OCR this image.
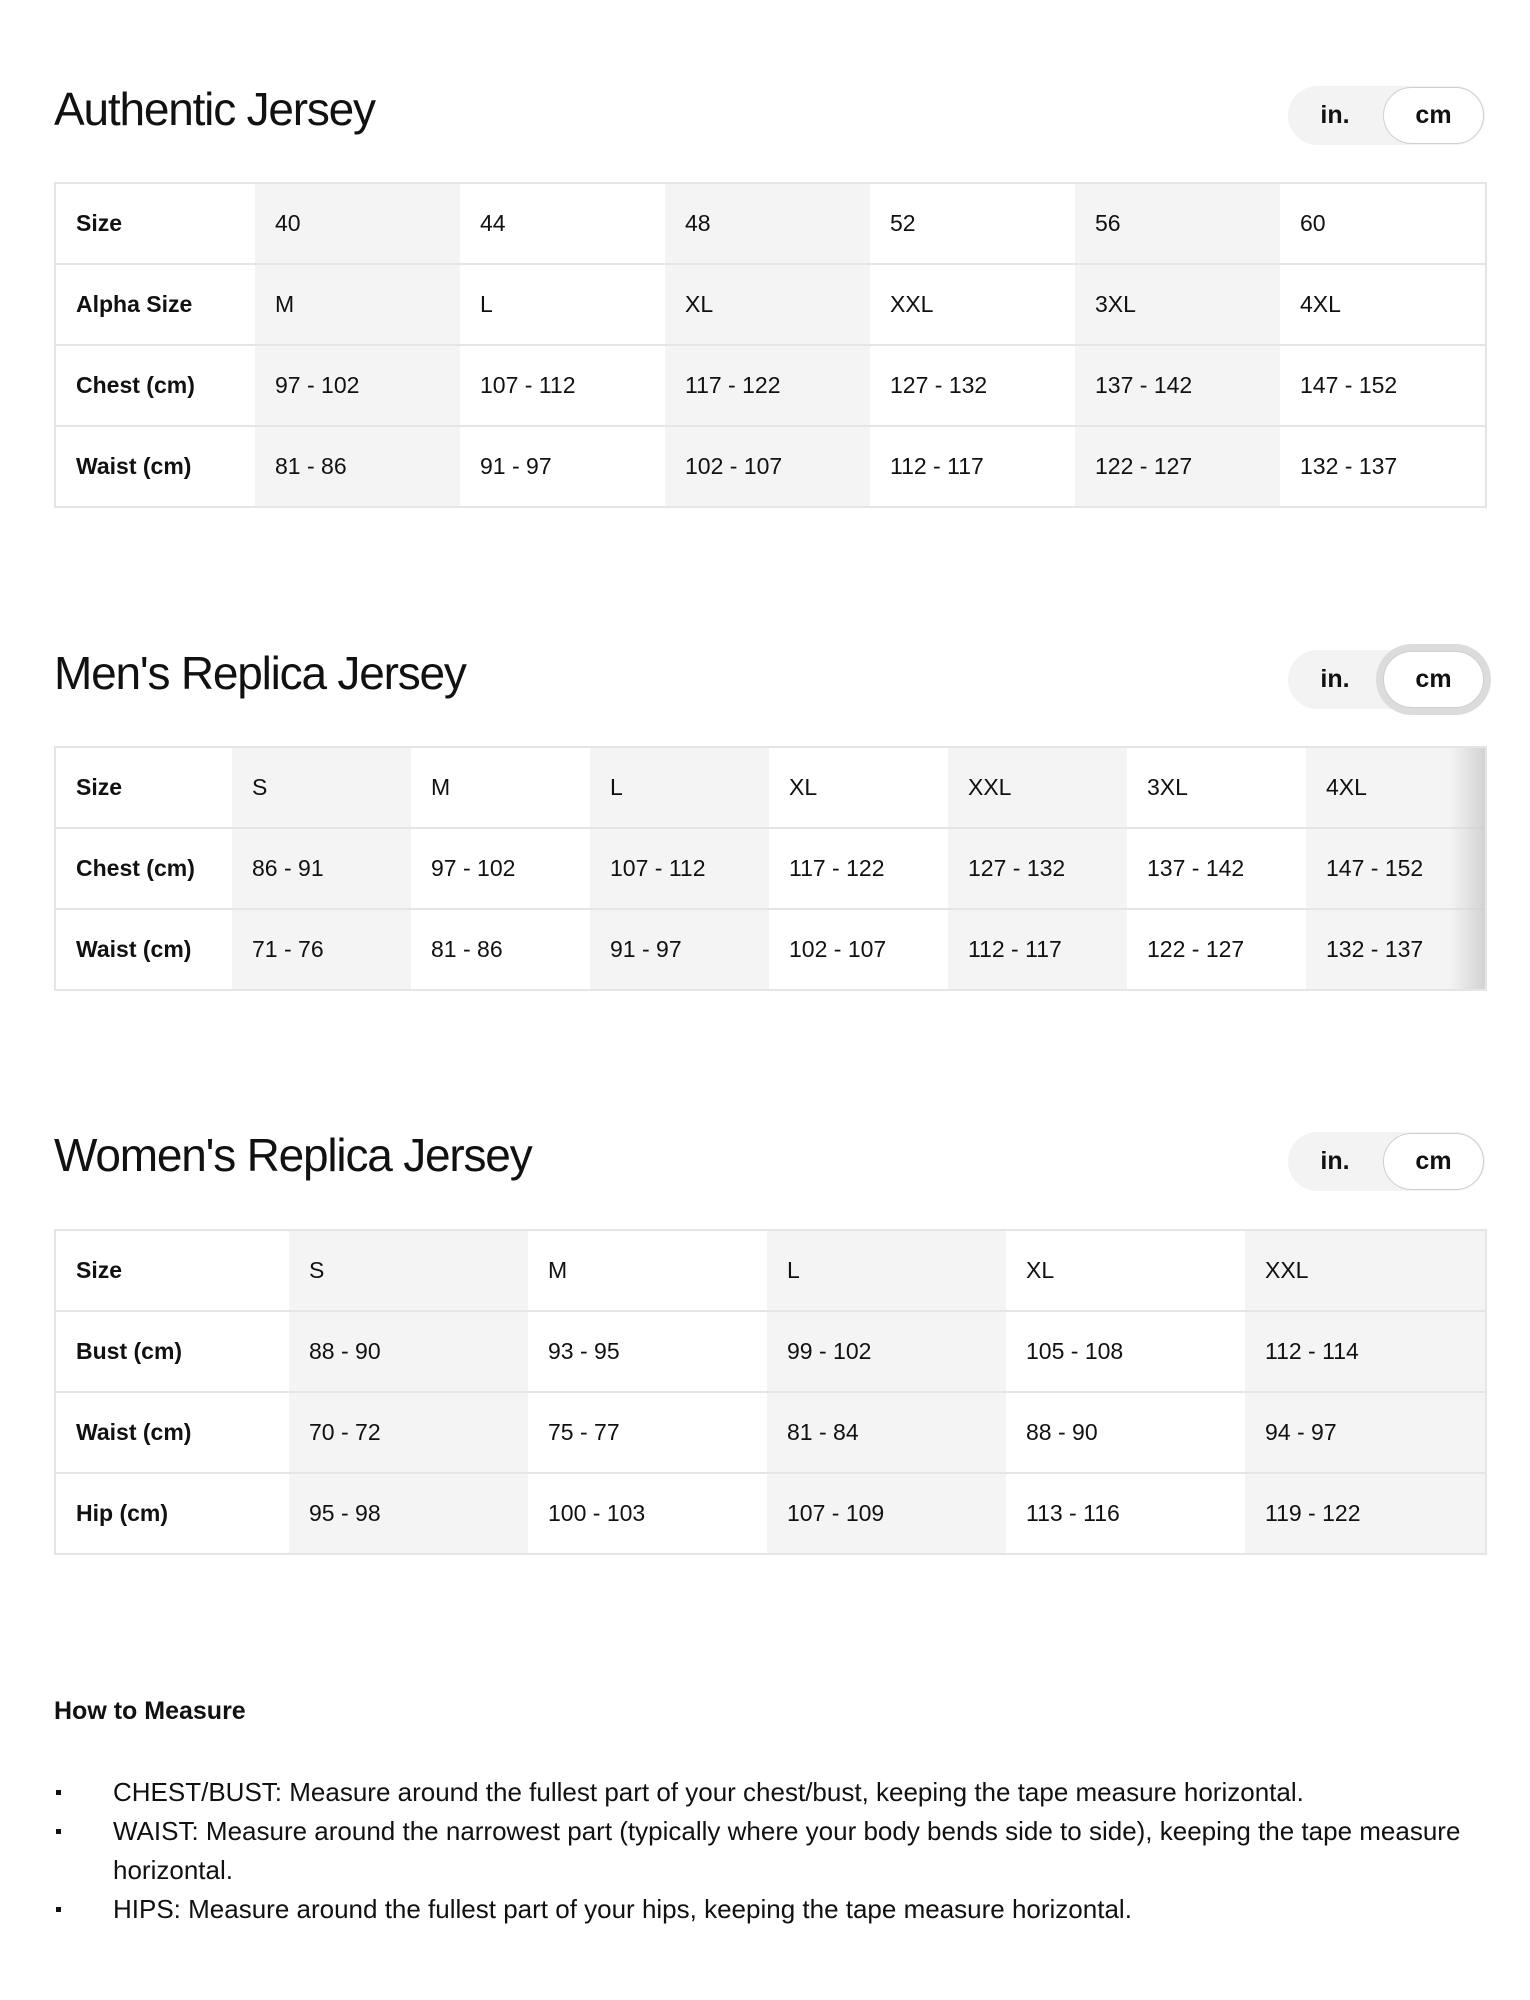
Authentic Jersey	in.	cm
Size	40	44	48	52	56	60
Alpha Size	M	L	XL	XXL	3XL	4XL
Chest (cm)	97 - 102	107 - 112	117 - 122	127 - 132	137 - 142	147 - 152
Waist (cm)	81 - 86	91 - 97	102 - 107	112 - 117	122 - 127	132 - 137
Men's Replica Jersey	in.	cm
Size	S	M	L	XL	XXL	3XL	4XL
Chest (cm)	86 - 91	97 - 102	107 - 112	117 - 122	127 - 132	137 - 142	147 - 152
Waist (cm)	71 - 76	81 - 86	91 - 97	102 - 107	112 - 117	122 - 127	132 - 137
Women's Replica Jersey	in.	cm
Size	S	M	L	XL	XXL
Bust (cm)	88 - 90	93 - 95	99 - 102	105 - 108	112 - 114
Waist (cm)	70 - 72	75 - 77	81 - 84	88 - 90	94 - 97
Hip (cm)	95 - 98	100 - 103	107 - 109	113 - 116	119 - 122
How to Measure
CHEST/BUST: Measure around the fullest part of your chest/bust, keeping the tape measure horizontal.
WAIST: Measure around the narrowest part (typically where your body bends side to side), keeping the tape measure horizontal.
HIPS: Measure around the fullest part of your hips, keeping the tape measure horizontal.
